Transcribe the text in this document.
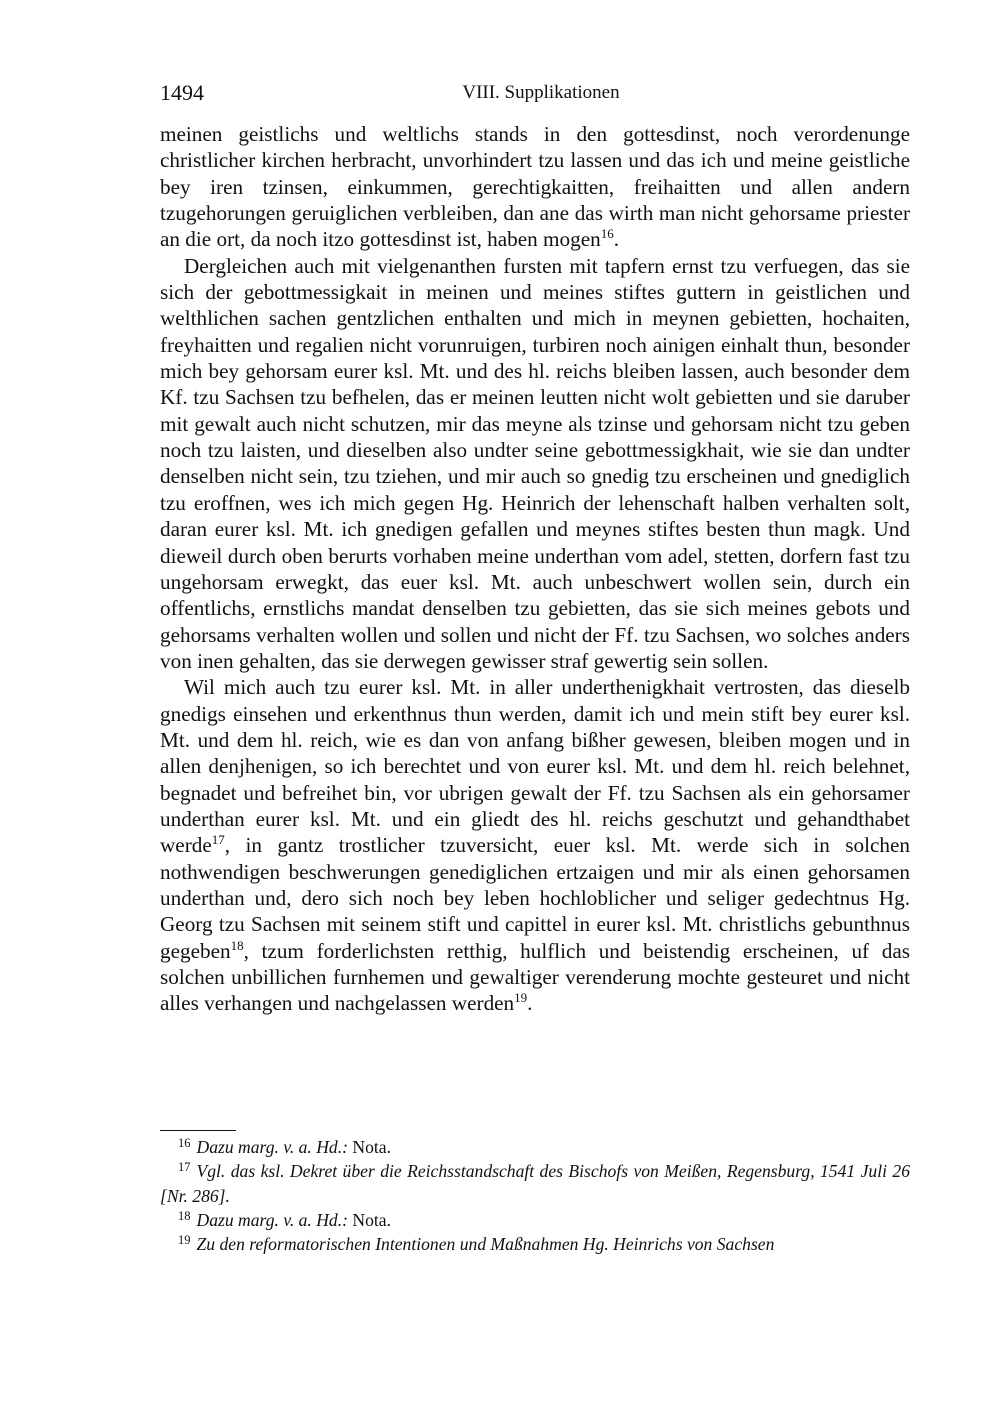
1494	VIII. Supplikationen

meinen geistlichs und weltlichs stands in den gottesdinst, noch verordenunge christlicher kirchen herbracht, unvorhindert tzu lassen und das ich und meine geistliche bey iren tzinsen, einkummen, gerechtigkaitten, freihaitten und allen andern tzugehorungen geruiglichen verbleiben, dan ane das wirth man nicht gehorsame priester an die ort, da noch itzo gottesdinst ist, haben mogen$^{16}$.

Dergleichen auch mit vielgenanthen fursten mit tapfern ernst tzu verfuegen, das sie sich der gebottmessigkait in meinen und meines stiftes guttern in geistlichen und welthlichen sachen gentzlichen enthalten und mich in meynen gebietten, hochaiten, freyhaitten und regalien nicht vorunruigen, turbiren noch ainigen einhalt thun, besonder mich bey gehorsam eurer ksl. Mt. und des hl. reichs bleiben lassen, auch besonder dem Kf. tzu Sachsen tzu befhelen, das er meinen leutten nicht wolt gebietten und sie daruber mit gewalt auch nicht schutzen, mir das meyne als tzinse und gehorsam nicht tzu geben noch tzu laisten, und dieselben also undter seine gebottmessigkhait, wie sie dan undter denselben nicht sein, tzu tziehen, und mir auch so gnedig tzu erscheinen und gnediglich tzu eroffnen, wes ich mich gegen Hg. Heinrich der lehenschaft halben verhalten solt, daran eurer ksl. Mt. ich gnedigen gefallen und meynes stiftes besten thun magk. Und dieweil durch oben berurts vorhaben meine underthan vom adel, stetten, dorfern fast tzu ungehorsam erwegkt, das euer ksl. Mt. auch unbeschwert wollen sein, durch ein offentlichs, ernstlichs mandat denselben tzu gebietten, das sie sich meines gebots und gehorsams verhalten wollen und sollen und nicht der Ff. tzu Sachsen, wo solches anders von inen gehalten, das sie derwegen gewisser straf gewertig sein sollen.

Wil mich auch tzu eurer ksl. Mt. in aller underthenigkhait vertrosten, das dieselb gnedigs einsehen und erkenthnus thun werden, damit ich und mein stift bey eurer ksl. Mt. und dem hl. reich, wie es dan von anfang bißher gewesen, bleiben mogen und in allen denjhenigen, so ich berechtet und von eurer ksl. Mt. und dem hl. reich belehnet, begnadet und befreihet bin, vor ubrigen gewalt der Ff. tzu Sachsen als ein gehorsamer underthan eurer ksl. Mt. und ein gliedt des hl. reichs geschutzt und gehandthabet werde$^{17}$, in gantz trostlicher tzuversicht, euer ksl. Mt. werde sich in solchen nothwendigen beschwerungen genediglichen ertzaigen und mir als einen gehorsamen underthan und, dero sich noch bey leben hochloblicher und seliger gedechtnus Hg. Georg tzu Sachsen mit seinem stift und capittel in eurer ksl. Mt. christlichs gebunthnus gegeben$^{18}$, tzum forderlichsten retthig, hulflich und beistendig erscheinen, uf das solchen unbillichen furnhemen und gewaltiger verenderung mochte gesteuret und nicht alles verhangen und nachgelassen werden$^{19}$.

$^{16}$ Dazu marg. v. a. Hd.: Nota.

$^{17}$ Vgl. das ksl. Dekret über die Reichsstandschaft des Bischofs von Meißen, Regensburg, 1541 Juli 26 [Nr. 286].

$^{18}$ Dazu marg. v. a. Hd.: Nota.

$^{19}$ Zu den reformatorischen Intentionen und Maßnahmen Hg. Heinrichs von Sachsen
